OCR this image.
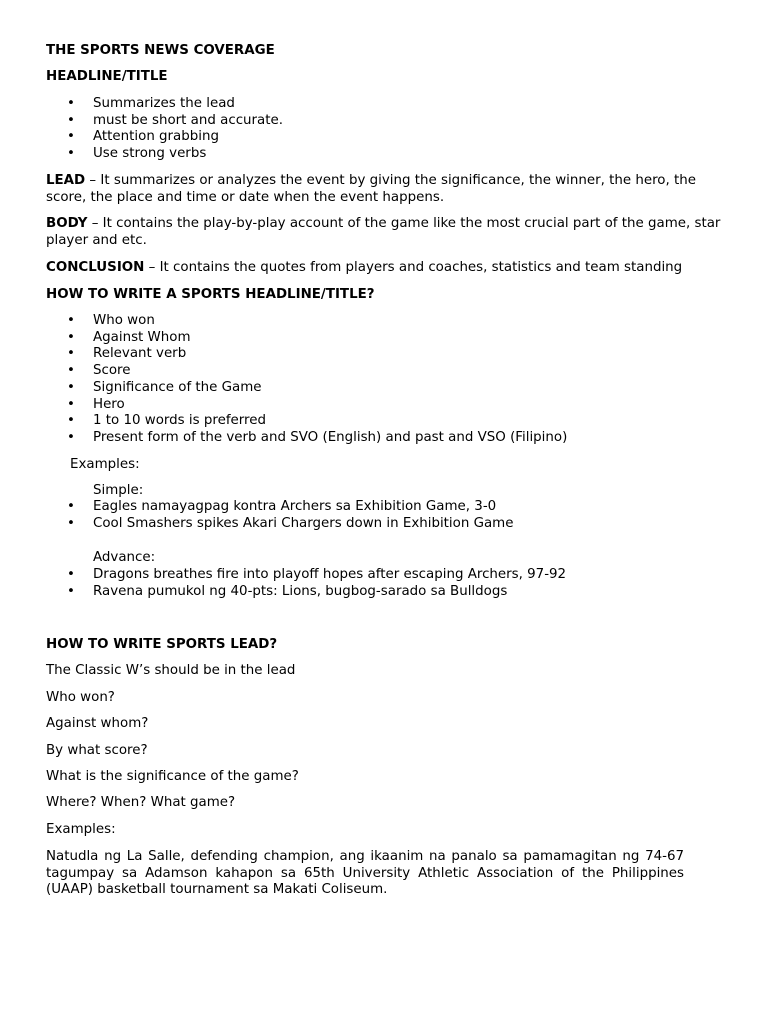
THE SPORTS NEWS COVERAGE

HEADLINE/TITLE

• Summarizes the lead
• must be short and accurate.
• Attention grabbing
• Use strong verbs

LEAD – It summarizes or analyzes the event by giving the significance, the winner, the hero, the score, the place and time or date when the event happens.

BODY – It contains the play-by-play account of the game like the most crucial part of the game, star player and etc.

CONCLUSION – It contains the quotes from players and coaches, statistics and team standing

HOW TO WRITE A SPORTS HEADLINE/TITLE?

• Who won
• Against Whom
• Relevant verb
• Score
• Significance of the Game
• Hero
• 1 to 10 words is preferred
• Present form of the verb and SVO (English) and past and VSO (Filipino)

Examples:

Simple:

• Eagles namayagpag kontra Archers sa Exhibition Game, 3-0
• Cool Smashers spikes Akari Chargers down in Exhibition Game

Advance:

• Dragons breathes fire into playoff hopes after escaping Archers, 97-92
• Ravena pumukol ng 40-pts: Lions, bugbog-sarado sa Bulldogs

HOW TO WRITE SPORTS LEAD?

The Classic W’s should be in the lead

Who won?

Against whom?

By what score?

What is the significance of the game?

Where? When? What game?

Examples:

Natudla ng La Salle, defending champion, ang ikaanim na panalo sa pamamagitan ng 74-67 tagumpay sa Adamson kahapon sa 65th University Athletic Association of the Philippines (UAAP) basketball tournament sa Makati Coliseum.
